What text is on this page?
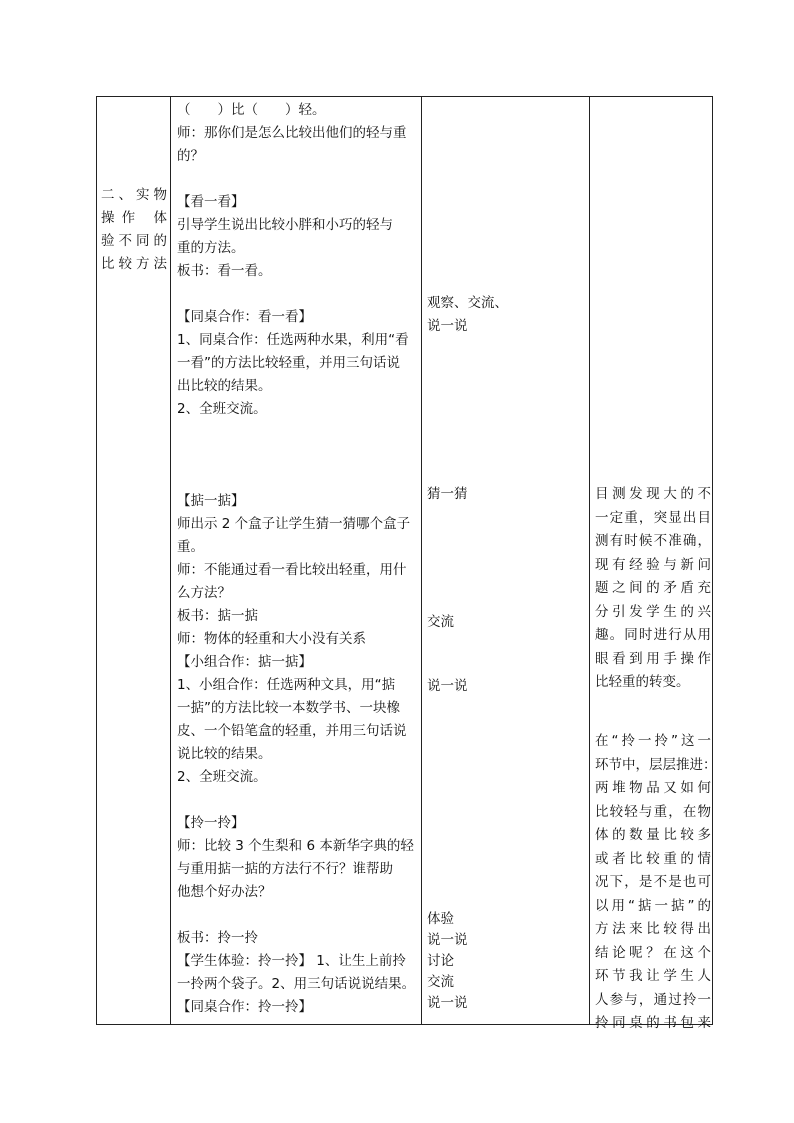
二、实物
操作 体
验不同的
比较方法
（　　）比（　　）轻。
师：那你们是怎么比较出他们的轻与重
的？
【看一看】
引导学生说出比较小胖和小巧的轻与
重的方法。
板书：看一看。
【同桌合作：看一看】
1、同桌合作：任选两种水果，利用“看
一看”的方法比较轻重，并用三句话说
出比较的结果。
2、全班交流。
【掂一掂】
师出示 2 个盒子让学生猜一猜哪个盒子
重。
师：不能通过看一看比较出轻重，用什
么方法？
板书：掂一掂
师：物体的轻重和大小没有关系
【小组合作：掂一掂】
1、小组合作：任选两种文具，用“掂
一掂”的方法比较一本数学书、一块橡
皮、一个铅笔盒的轻重，并用三句话说
说比较的结果。
2、全班交流。
【拎一拎】
师：比较 3 个生梨和 6 本新华字典的轻
与重用掂一掂的方法行不行？谁帮助
他想个好办法？
板书：拎一拎
【学生体验：拎一拎】 1、让生上前拎
一拎两个袋子。2、用三句话说说结果。
【同桌合作：拎一拎】
观察、交流、
说一说
猜一猜
交流
说一说
体验
说一说
讨论
交流
说一说
目测发现大的不
一定重，突显出目
测有时候不准确，
现有经验与新问
题之间的矛盾充
分引发学生的兴
趣。同时进行从用
眼看到用手操作
比轻重的转变。
在“拎一拎”这一
环节中，层层推进：
两堆物品又如何
比较轻与重，在物
体的数量比较多
或者比较重的情
况下，是不是也可
以用“掂一掂”的
方法来比较得出
结论呢？在这个
环节我让学生人
人参与，通过拎一
拎同桌的书包来
